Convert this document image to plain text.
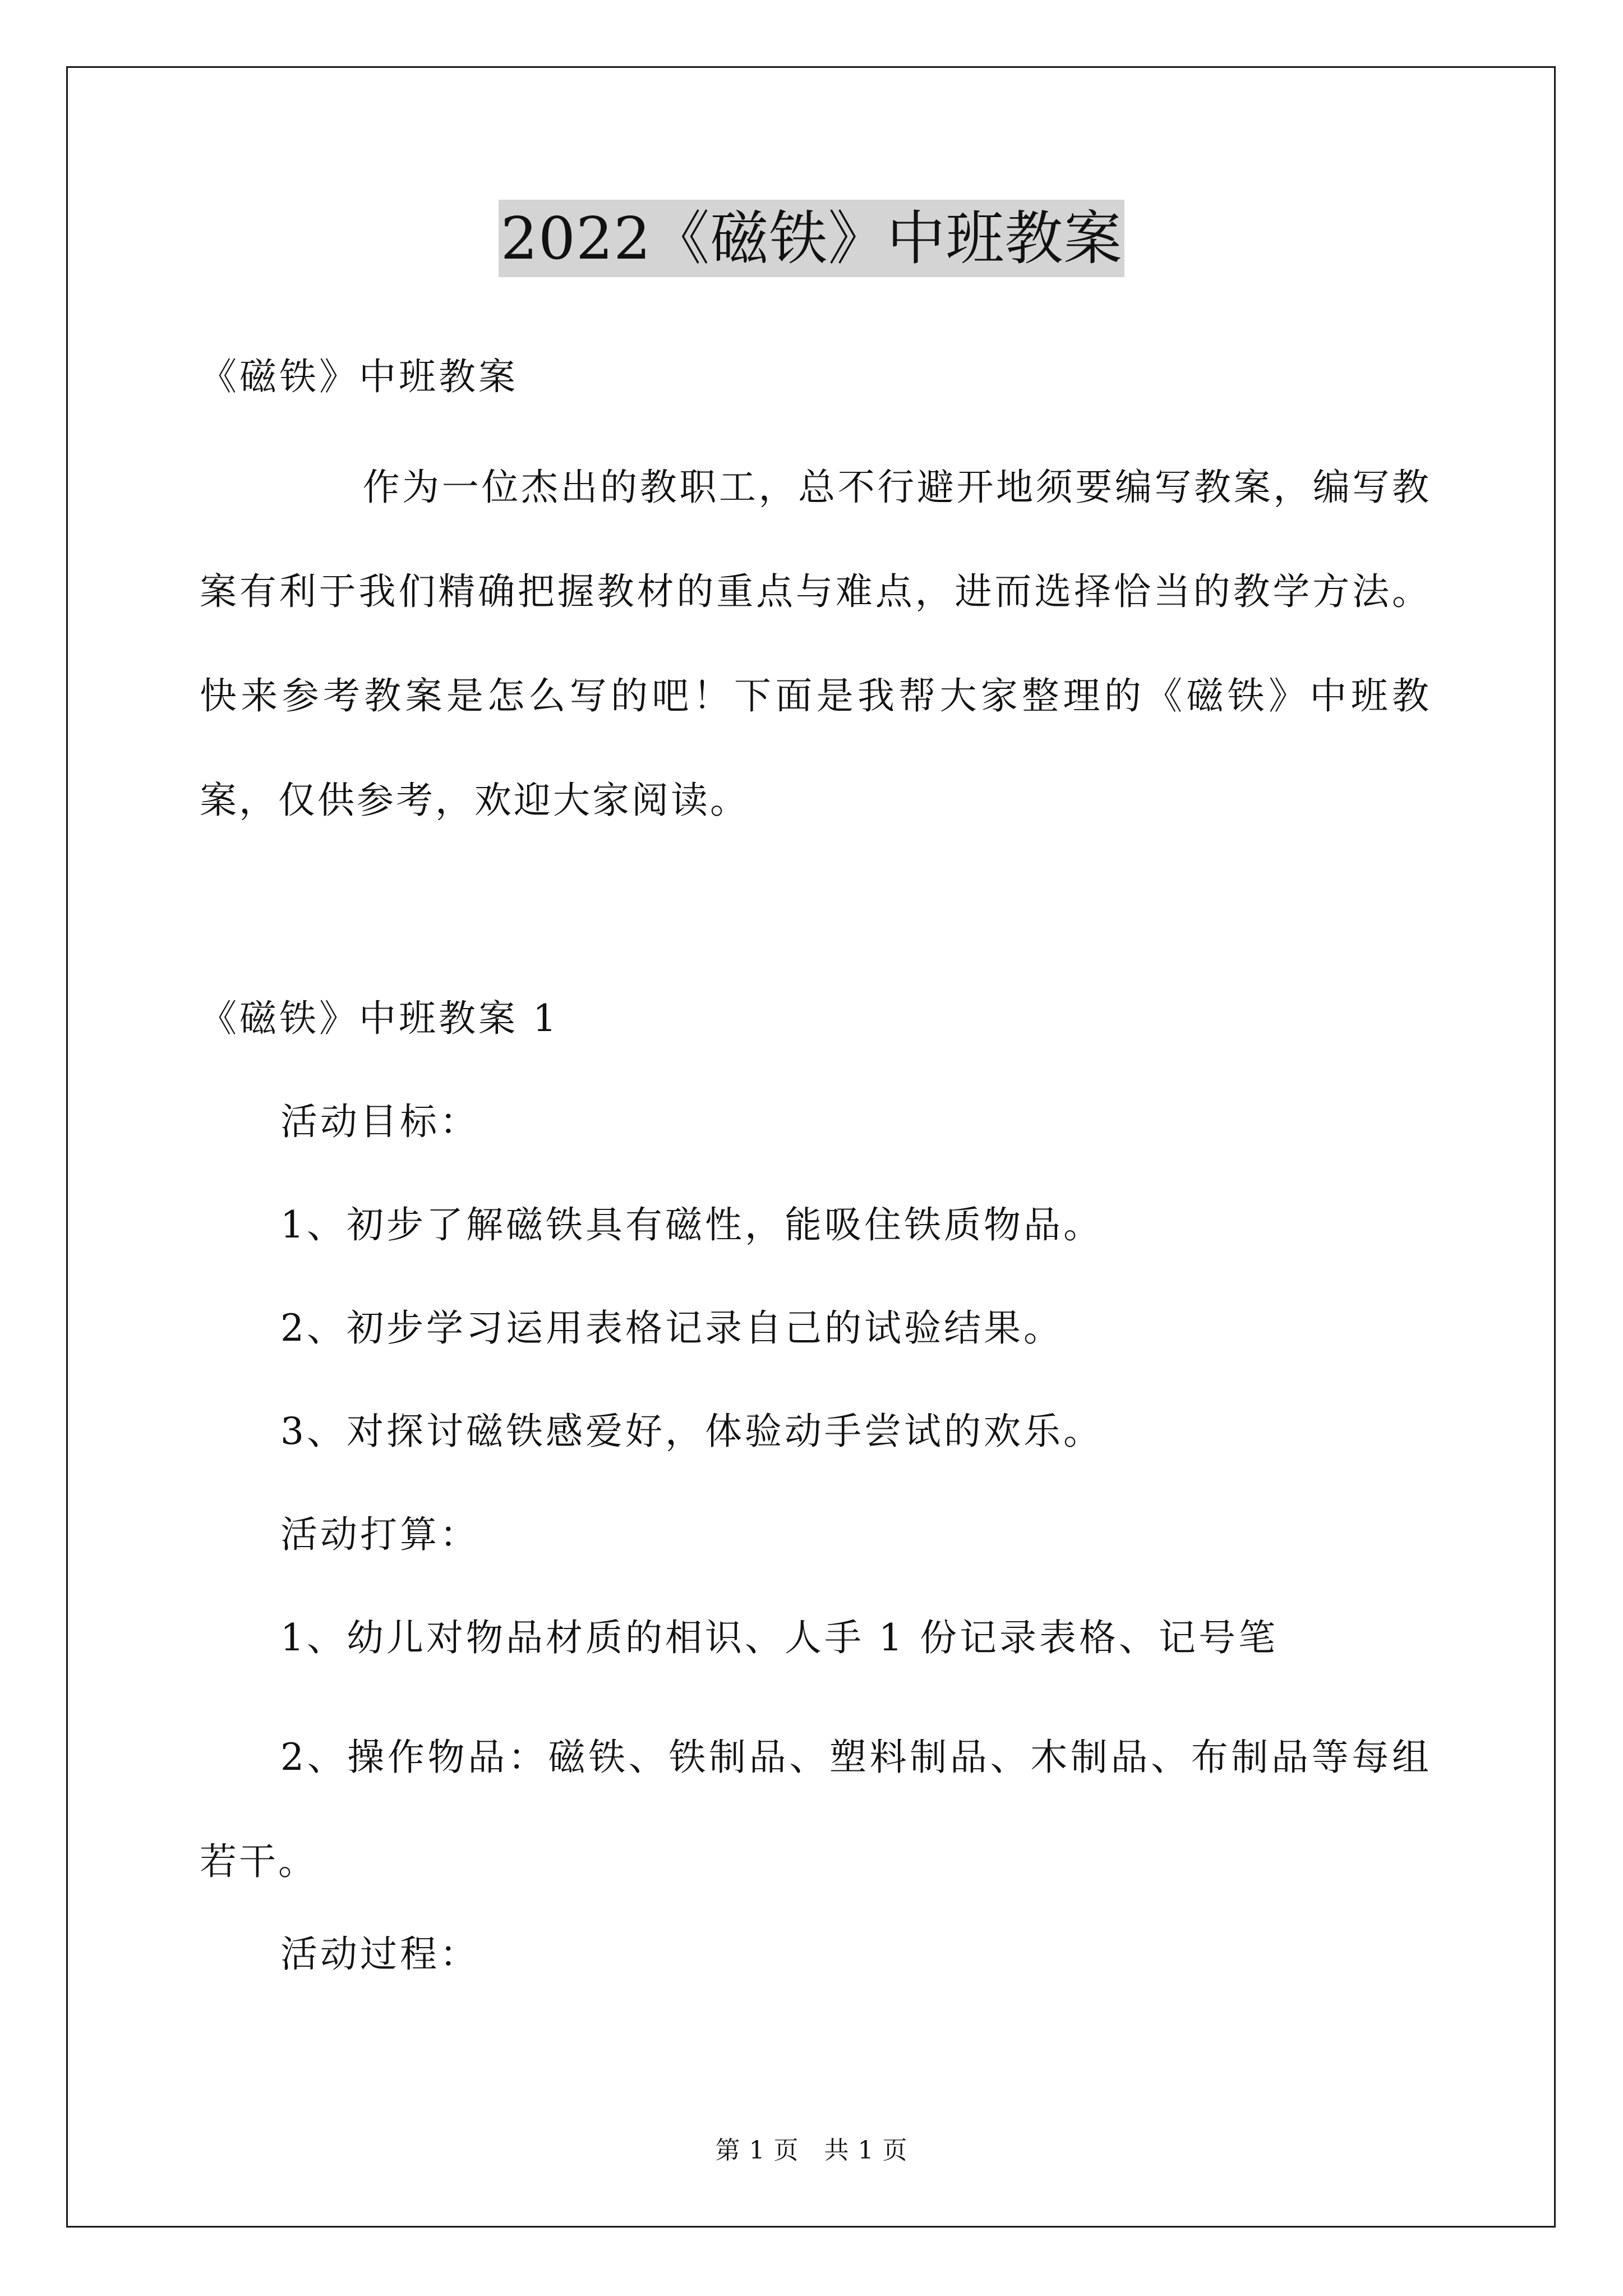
2022《磁铁》中班教案
《磁铁》中班教案
作为一位杰出的教职工，总不行避开地须要编写教案，编写教案有利于我们精确把握教材的重点与难点，进而选择恰当的教学方法。快来参考教案是怎么写的吧！下面是我帮大家整理的《磁铁》中班教案，仅供参考，欢迎大家阅读。
《磁铁》中班教案 1
活动目标：
1、初步了解磁铁具有磁性，能吸住铁质物品。
2、初步学习运用表格记录自己的试验结果。
3、对探讨磁铁感爱好，体验动手尝试的欢乐。
活动打算：
1、幼儿对物品材质的相识、人手 1 份记录表格、记号笔
2、操作物品：磁铁、铁制品、塑料制品、木制品、布制品等每组若干。
活动过程：
第 1 页　共 1 页
